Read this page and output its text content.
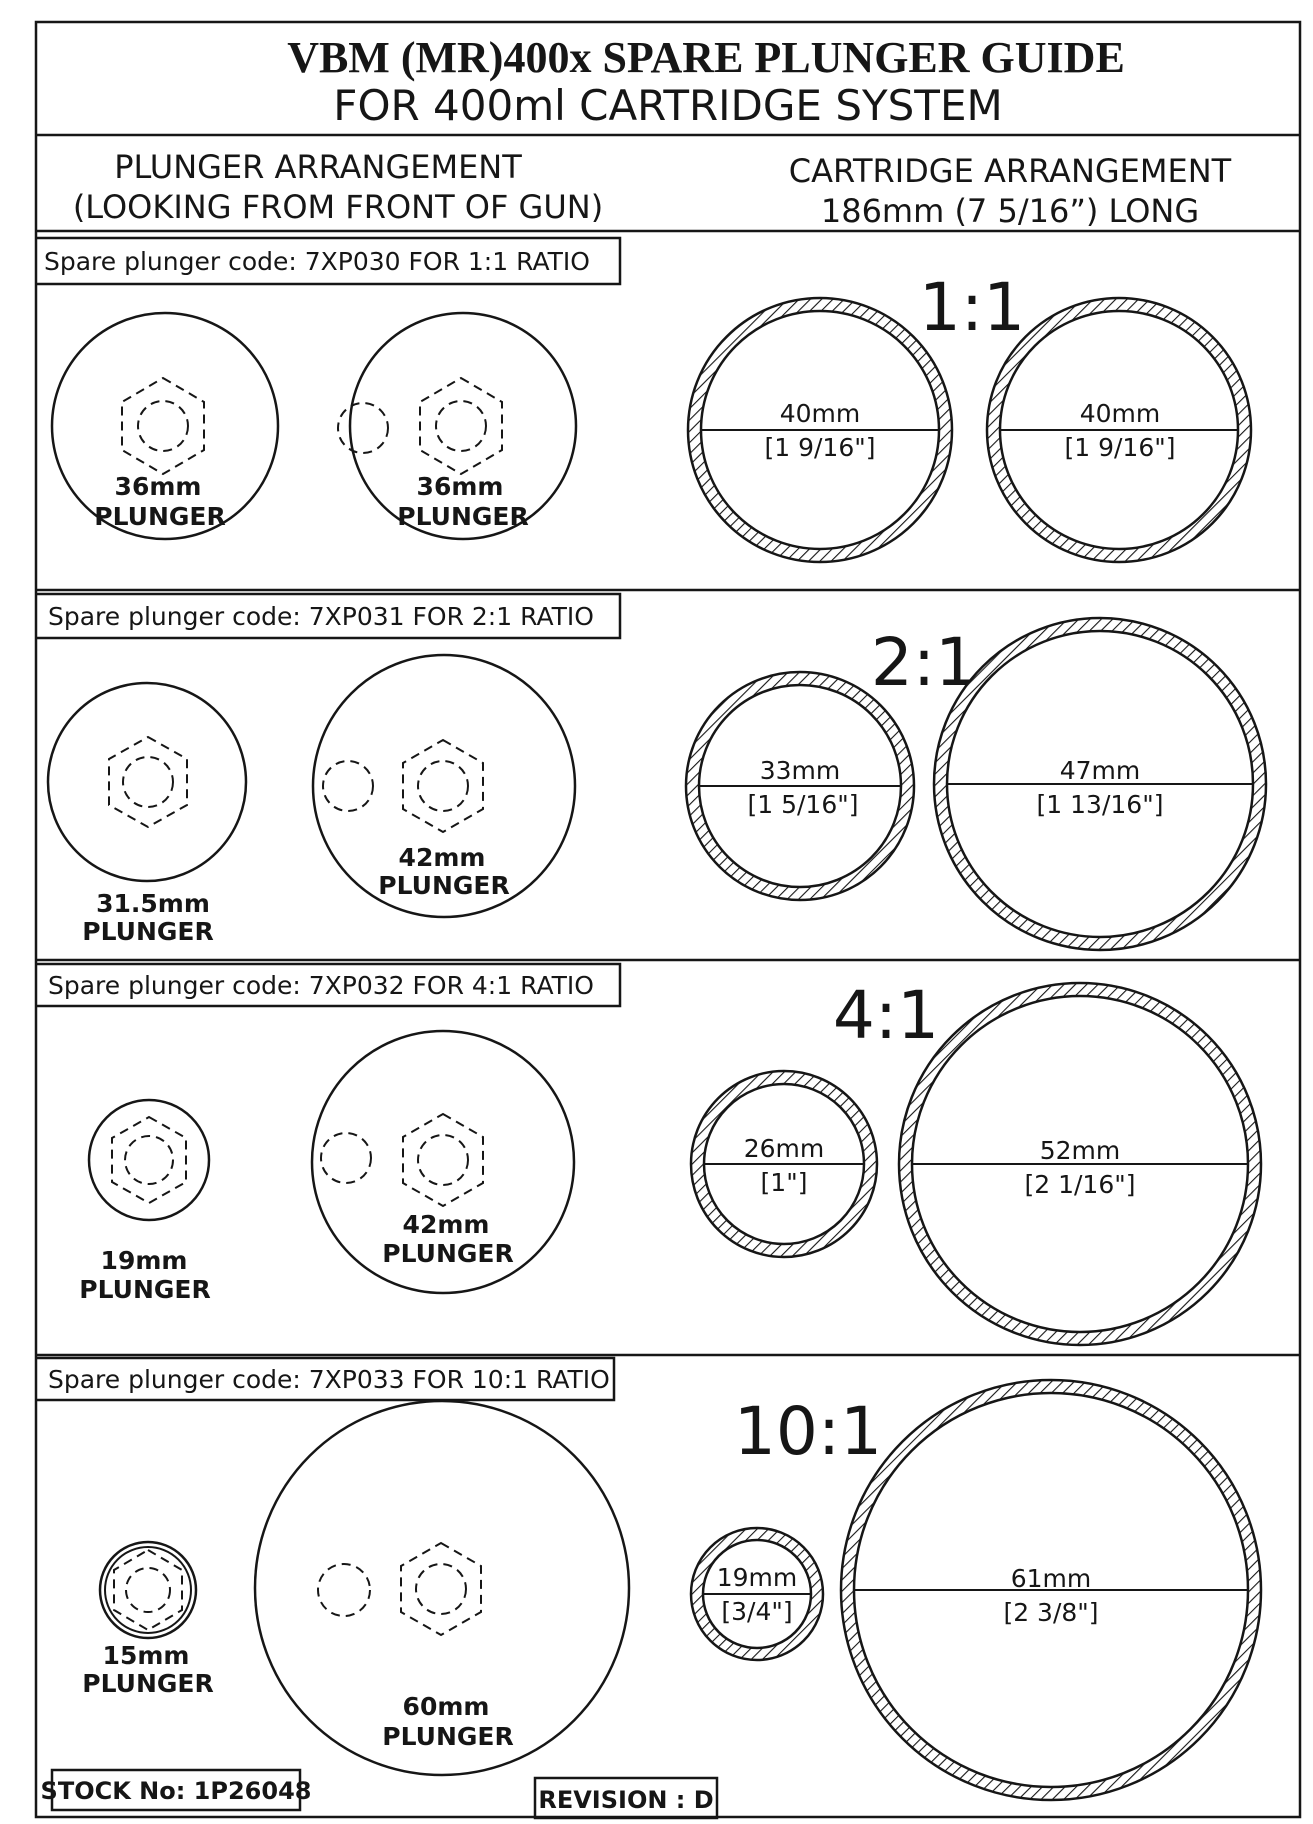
VBM (MR)400x SPARE PLUNGER GUIDE
FOR 400ml CARTRIDGE SYSTEM
PLUNGER ARRANGEMENT
(LOOKING FROM FRONT OF GUN)
CARTRIDGE ARRANGEMENT
186mm (7 5/16”) LONG
Spare plunger code: 7XP030 FOR 1:1 RATIO
1:1
36mm
PLUNGER
36mm
PLUNGER
40mm
[1 9/16"]
40mm
[1 9/16"]
Spare plunger code: 7XP031 FOR 2:1 RATIO
2:1
31.5mm
PLUNGER
42mm
PLUNGER
33mm
[1 5/16"]
47mm
[1 13/16"]
Spare plunger code: 7XP032 FOR 4:1 RATIO	4:1
19mm
PLUNGER
42mm
PLUNGER
26mm
[1"]
52mm
[2 1/16"]
Spare plunger code: 7XP033 FOR 10:1 RATIO
10:1
15mm
PLUNGER
60mm
PLUNGER
19mm
[3/4"]
61mm
[2 3/8"]
STOCK No: 1P26048	REVISION : D
